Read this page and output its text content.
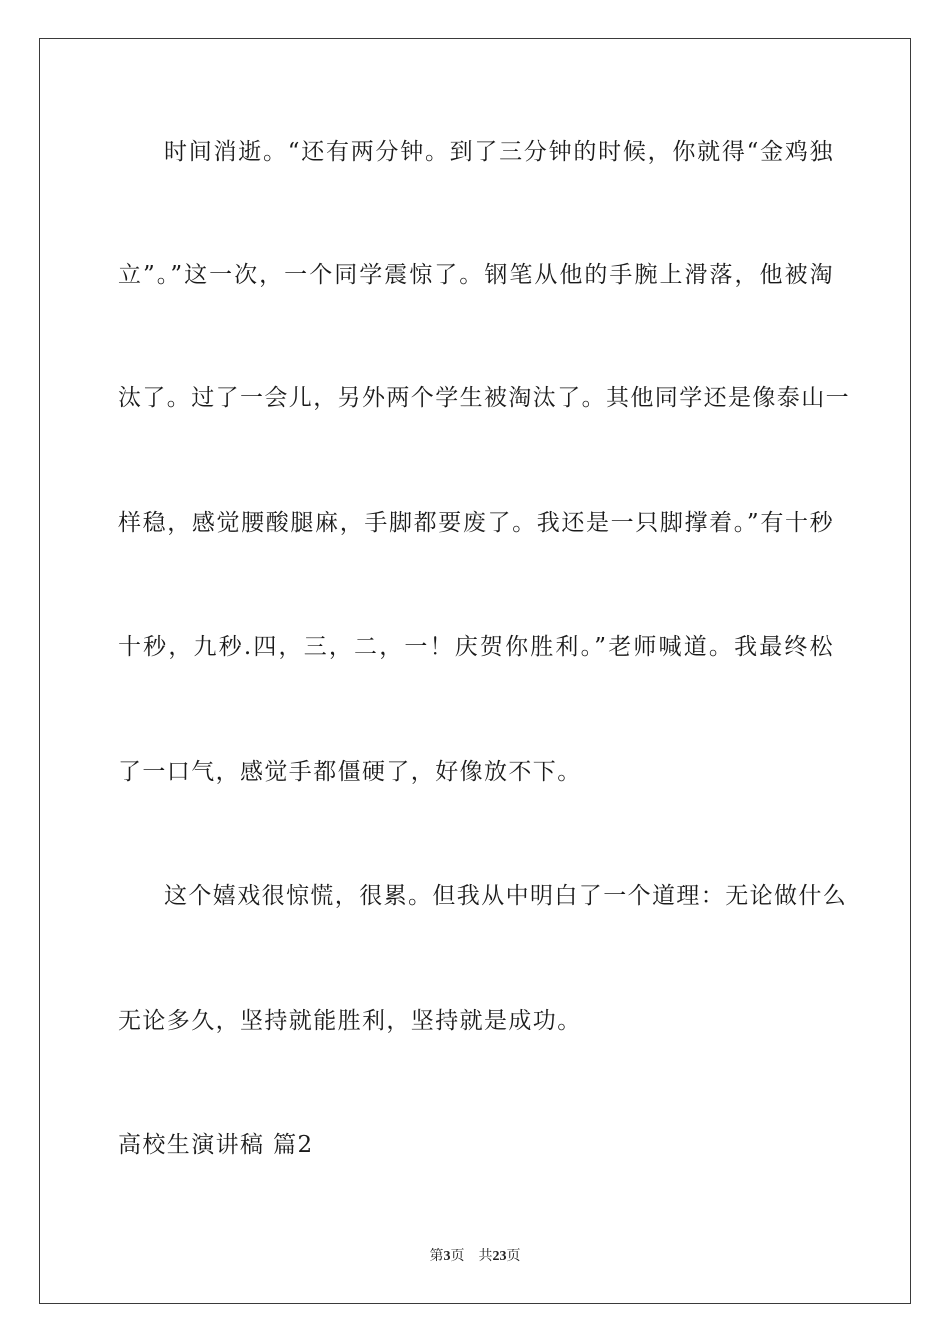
时间消逝。“还有两分钟。到了三分钟的时候，你就得“金鸡独
立”。”这一次，一个同学震惊了。钢笔从他的手腕上滑落，他被淘
汰了。过了一会儿，另外两个学生被淘汰了。其他同学还是像泰山一
样稳，感觉腰酸腿麻，手脚都要废了。我还是一只脚撑着。”有十秒
十秒，九秒.四，三，二，一！庆贺你胜利。”老师喊道。我最终松
了一口气，感觉手都僵硬了，好像放不下。
这个嬉戏很惊慌，很累。但我从中明白了一个道理：无论做什么
无论多久，坚持就能胜利，坚持就是成功。
高校生演讲稿 篇2
第3页 共23页
